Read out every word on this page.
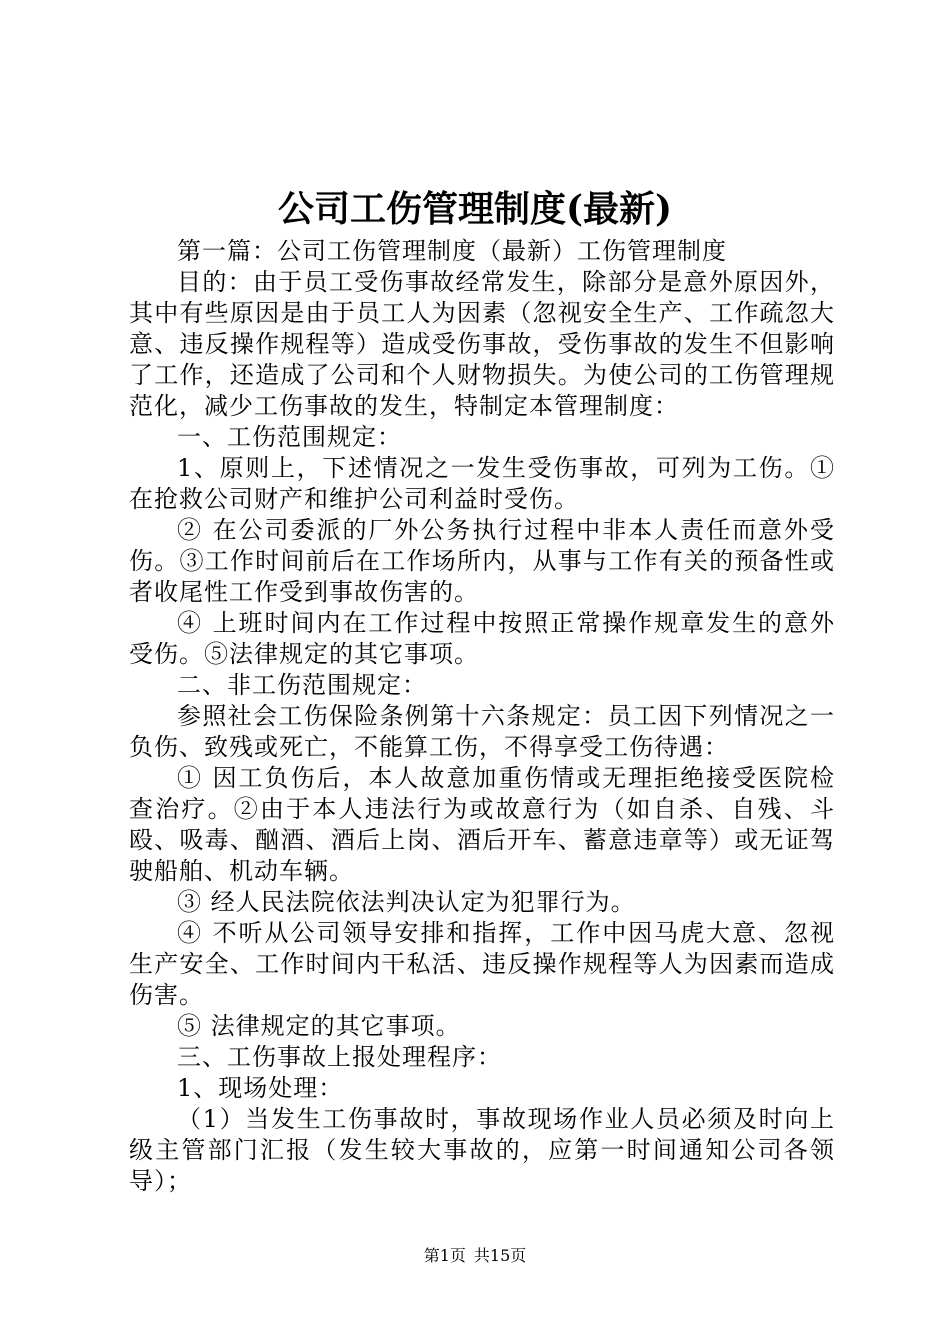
公司工伤管理制度(最新)

第一篇：公司工伤管理制度（最新）工伤管理制度

目的：由于员工受伤事故经常发生，除部分是意外原因外，其中有些原因是由于员工人为因素（忽视安全生产、工作疏忽大意、违反操作规程等）造成受伤事故，受伤事故的发生不但影响了工作，还造成了公司和个人财物损失。为使公司的工伤管理规范化，减少工伤事故的发生，特制定本管理制度：

一、工伤范围规定：

1、原则上，下述情况之一发生受伤事故，可列为工伤。①在抢救公司财产和维护公司利益时受伤。

② 在公司委派的厂外公务执行过程中非本人责任而意外受伤。③工作时间前后在工作场所内，从事与工作有关的预备性或者收尾性工作受到事故伤害的。

④ 上班时间内在工作过程中按照正常操作规章发生的意外受伤。⑤法律规定的其它事项。

二、非工伤范围规定：

参照社会工伤保险条例第十六条规定：员工因下列情况之一负伤、致残或死亡，不能算工伤，不得享受工伤待遇：

① 因工负伤后，本人故意加重伤情或无理拒绝接受医院检查治疗。②由于本人违法行为或故意行为（如自杀、自残、斗殴、吸毒、酗酒、酒后上岗、酒后开车、蓄意违章等）或无证驾驶船舶、机动车辆。

③ 经人民法院依法判决认定为犯罪行为。

④ 不听从公司领导安排和指挥，工作中因马虎大意、忽视生产安全、工作时间内干私活、违反操作规程等人为因素而造成伤害。

⑤ 法律规定的其它事项。

三、工伤事故上报处理程序：

1、现场处理：

（1）当发生工伤事故时，事故现场作业人员必须及时向上级主管部门汇报（发生较大事故的，应第一时间通知公司各领导）；

第1页 共15页
